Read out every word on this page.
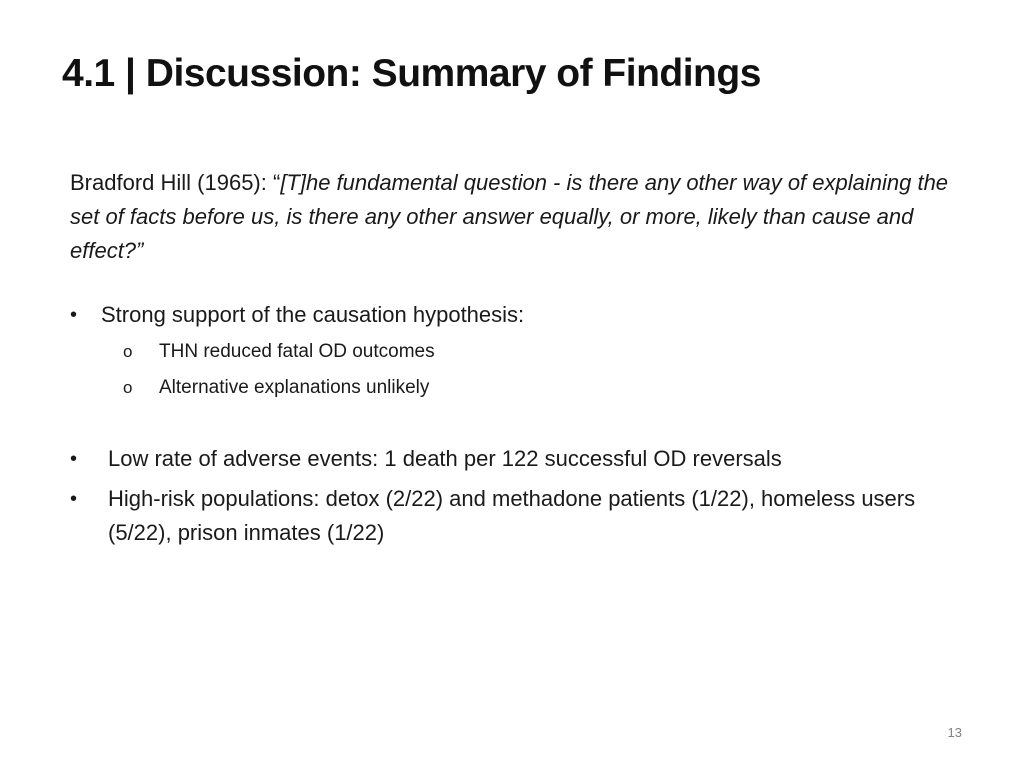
4.1 | Discussion: Summary of Findings
Bradford Hill (1965): “[T]he fundamental question - is there any other way of explaining the set of facts before us, is there any other answer equally, or more, likely than cause and effect?”
• Strong support of the causation hypothesis:
o THN reduced fatal OD outcomes
o Alternative explanations unlikely
• Low rate of adverse events: 1 death per 122 successful OD reversals
• High-risk populations: detox (2/22) and methadone patients (1/22), homeless users (5/22), prison inmates (1/22)
13
